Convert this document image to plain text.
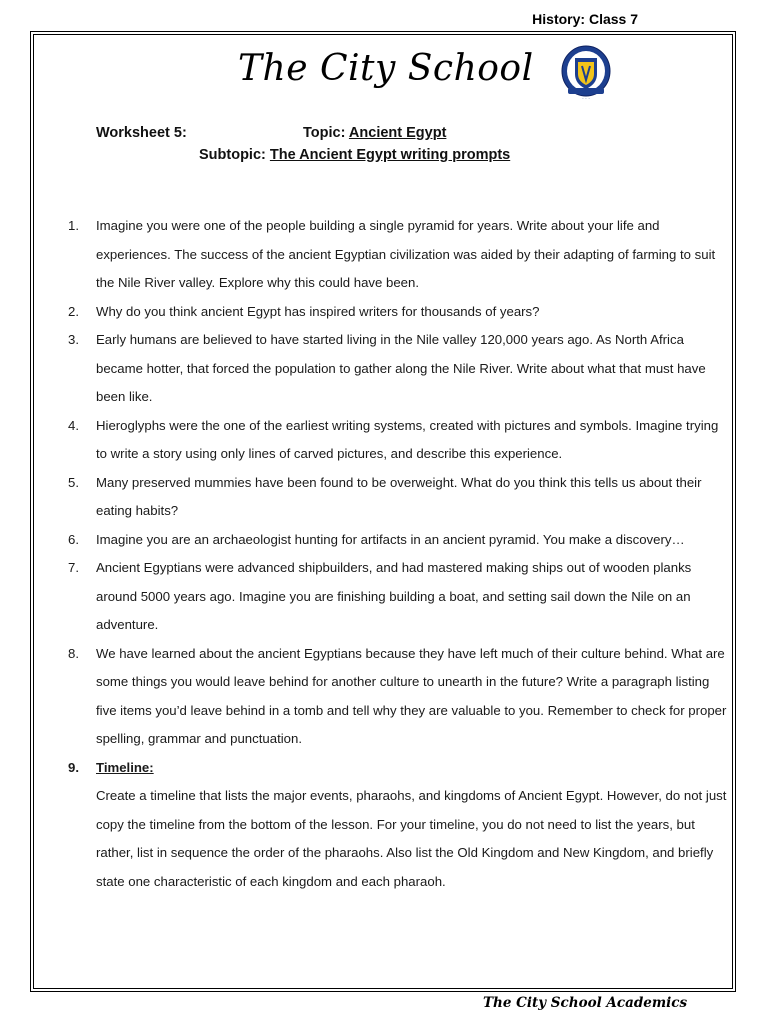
History: Class 7
The City School
· · ·
Worksheet 5:	Topic: Ancient Egypt
Subtopic: The Ancient Egypt writing prompts
1.	Imagine you were one of the people building a single pyramid for years. Write about your life and experiences. The success of the ancient Egyptian civilization was aided by their adapting of farming to suit the Nile River valley. Explore why this could have been.
2.	Why do you think ancient Egypt has inspired writers for thousands of years?
3.	Early humans are believed to have started living in the Nile valley 120,000 years ago. As North Africa became hotter, that forced the population to gather along the Nile River. Write about what that must have been like.
4.	Hieroglyphs were the one of the earliest writing systems, created with pictures and symbols. Imagine trying to write a story using only lines of carved pictures, and describe this experience.
5.	Many preserved mummies have been found to be overweight. What do you think this tells us about their eating habits?
6.	Imagine you are an archaeologist hunting for artifacts in an ancient pyramid. You make a discovery…
7.	Ancient Egyptians were advanced shipbuilders, and had mastered making ships out of wooden planks around 5000 years ago. Imagine you are finishing building a boat, and setting sail down the Nile on an adventure.
8.	We have learned about the ancient Egyptians because they have left much of their culture behind. What are some things you would leave behind for another culture to unearth in the future? Write a paragraph listing five items you’d leave behind in a tomb and tell why they are valuable to you. Remember to check for proper spelling, grammar and punctuation.
9.	Timeline:
Create a timeline that lists the major events, pharaohs, and kingdoms of Ancient Egypt. However, do not just copy the timeline from the bottom of the lesson. For your timeline, you do not need to list the years, but rather, list in sequence the order of the pharaohs. Also list the Old Kingdom and New Kingdom, and briefly state one characteristic of each kingdom and each pharaoh.
The City School Academics
